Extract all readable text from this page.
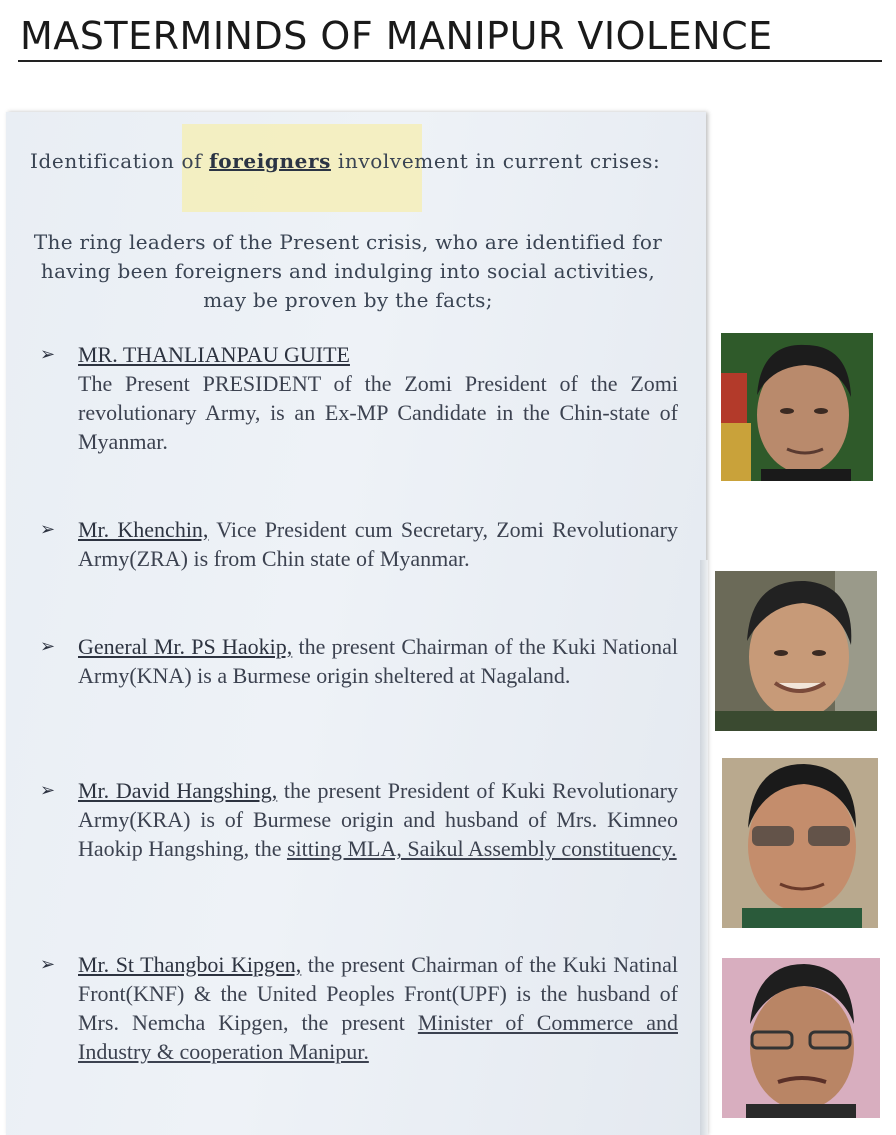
MASTERMINDS OF MANIPUR VIOLENCE

Identification of foreigners involvement in current crises:

The ring leaders of the Present crisis, who are identified for having been foreigners and indulging into social activities, may be proven by the facts;

➢	MR. THANLIANPAU GUITE
The Present PRESIDENT of the Zomi President of the Zomi revolutionary Army, is an Ex-MP Candidate in the Chin-state of Myanmar.
➢	Mr. Khenchin, Vice President cum Secretary, Zomi Revolutionary Army(ZRA) is from Chin state of Myanmar.
➢	General Mr. PS Haokip, the present Chairman of the Kuki National Army(KNA) is a Burmese origin sheltered at Nagaland.
➢	Mr. David Hangshing, the present President of Kuki Revolutionary Army(KRA) is of Burmese origin and husband of Mrs. Kimneo Haokip Hangshing, the sitting MLA, Saikul Assembly constituency.
➢	Mr. St Thangboi Kipgen, the present Chairman of the Kuki Natinal Front(KNF) & the United Peoples Front(UPF) is the husband of Mrs. Nemcha Kipgen, the present Minister of Commerce and Industry & cooperation Manipur.
